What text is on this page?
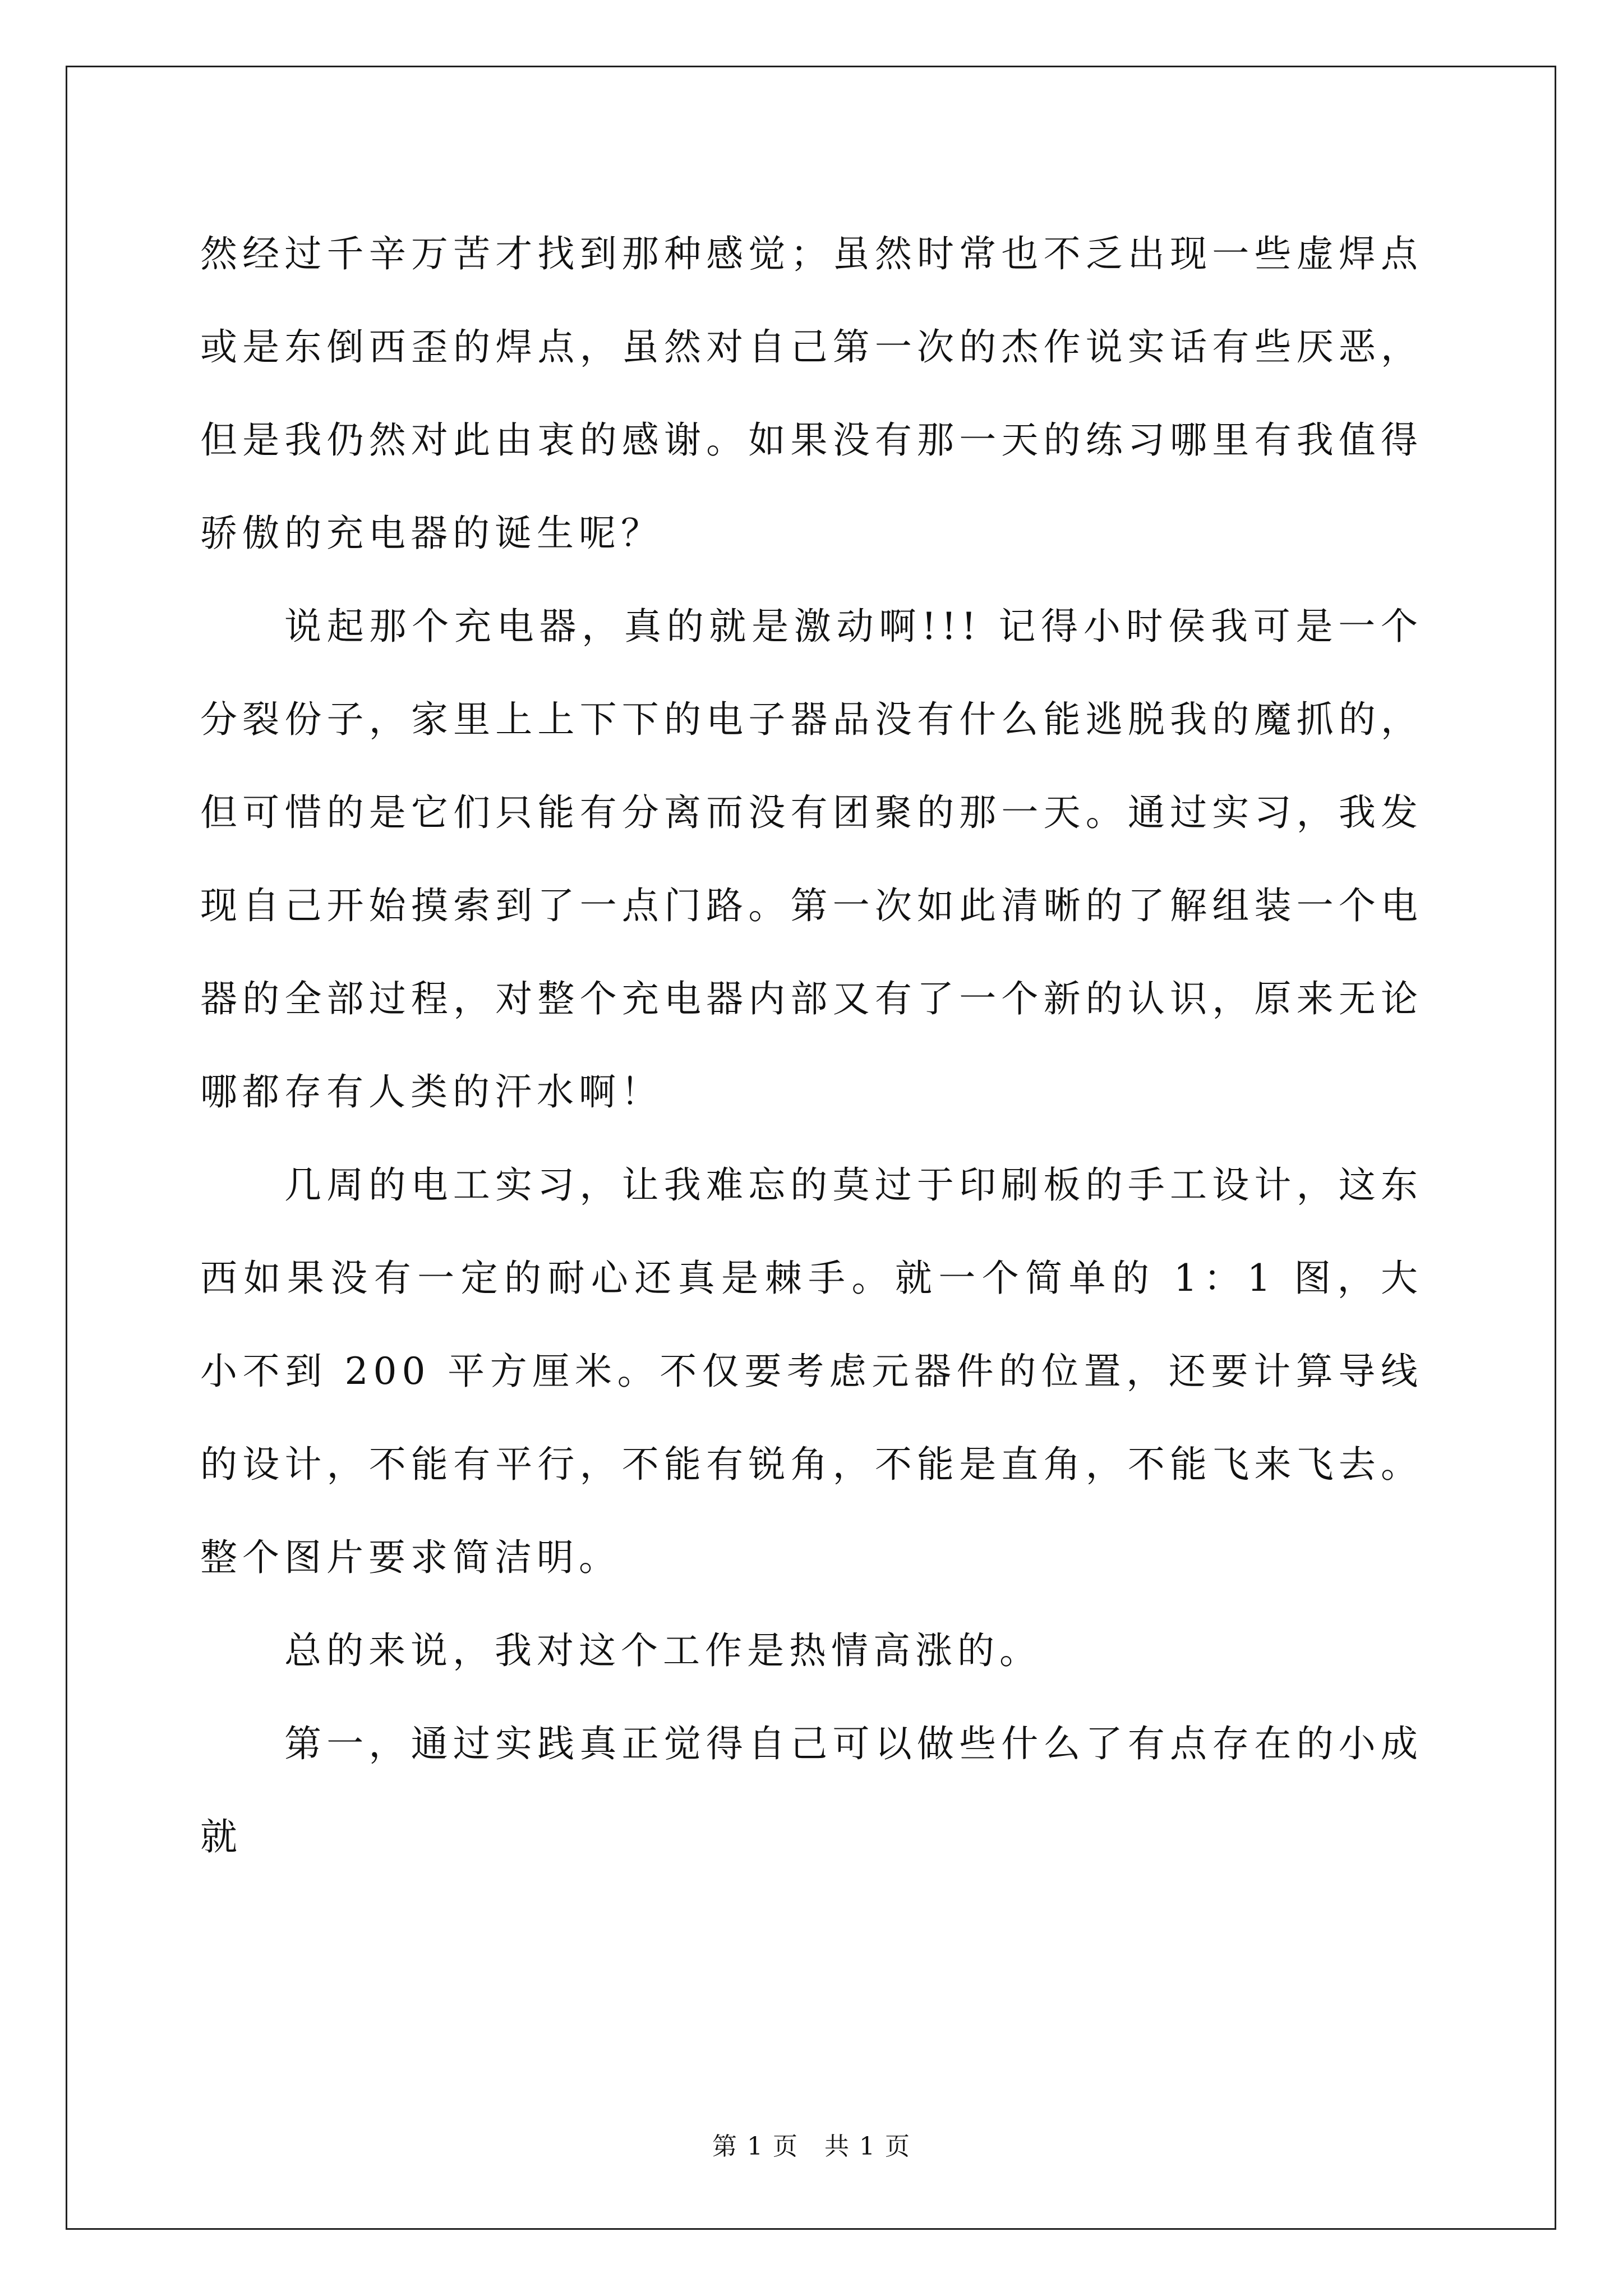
然经过千辛万苦才找到那种感觉；虽然时常也不乏出现一些虚焊点或是东倒西歪的焊点，虽然对自己第一次的杰作说实话有些厌恶，但是我仍然对此由衷的感谢。如果没有那一天的练习哪里有我值得骄傲的充电器的诞生呢？

说起那个充电器，真的就是激动啊!!! 记得小时侯我可是一个分裂份子，家里上上下下的电子器品没有什么能逃脱我的魔抓的，但可惜的是它们只能有分离而没有团聚的那一天。通过实习，我发现自己开始摸索到了一点门路。第一次如此清晰的了解组装一个电器的全部过程，对整个充电器内部又有了一个新的认识，原来无论哪都存有人类的汗水啊！

几周的电工实习，让我难忘的莫过于印刷板的手工设计，这东西如果没有一定的耐心还真是棘手。就一个简单的 1：1 图，大小不到 200 平方厘米。不仅要考虑元器件的位置，还要计算导线的设计，不能有平行，不能有锐角，不能是直角，不能飞来飞去。整个图片要求简洁明。

总的来说，我对这个工作是热情高涨的。

第一，通过实践真正觉得自己可以做些什么了有点存在的小成就

第 1 页　共 1 页
